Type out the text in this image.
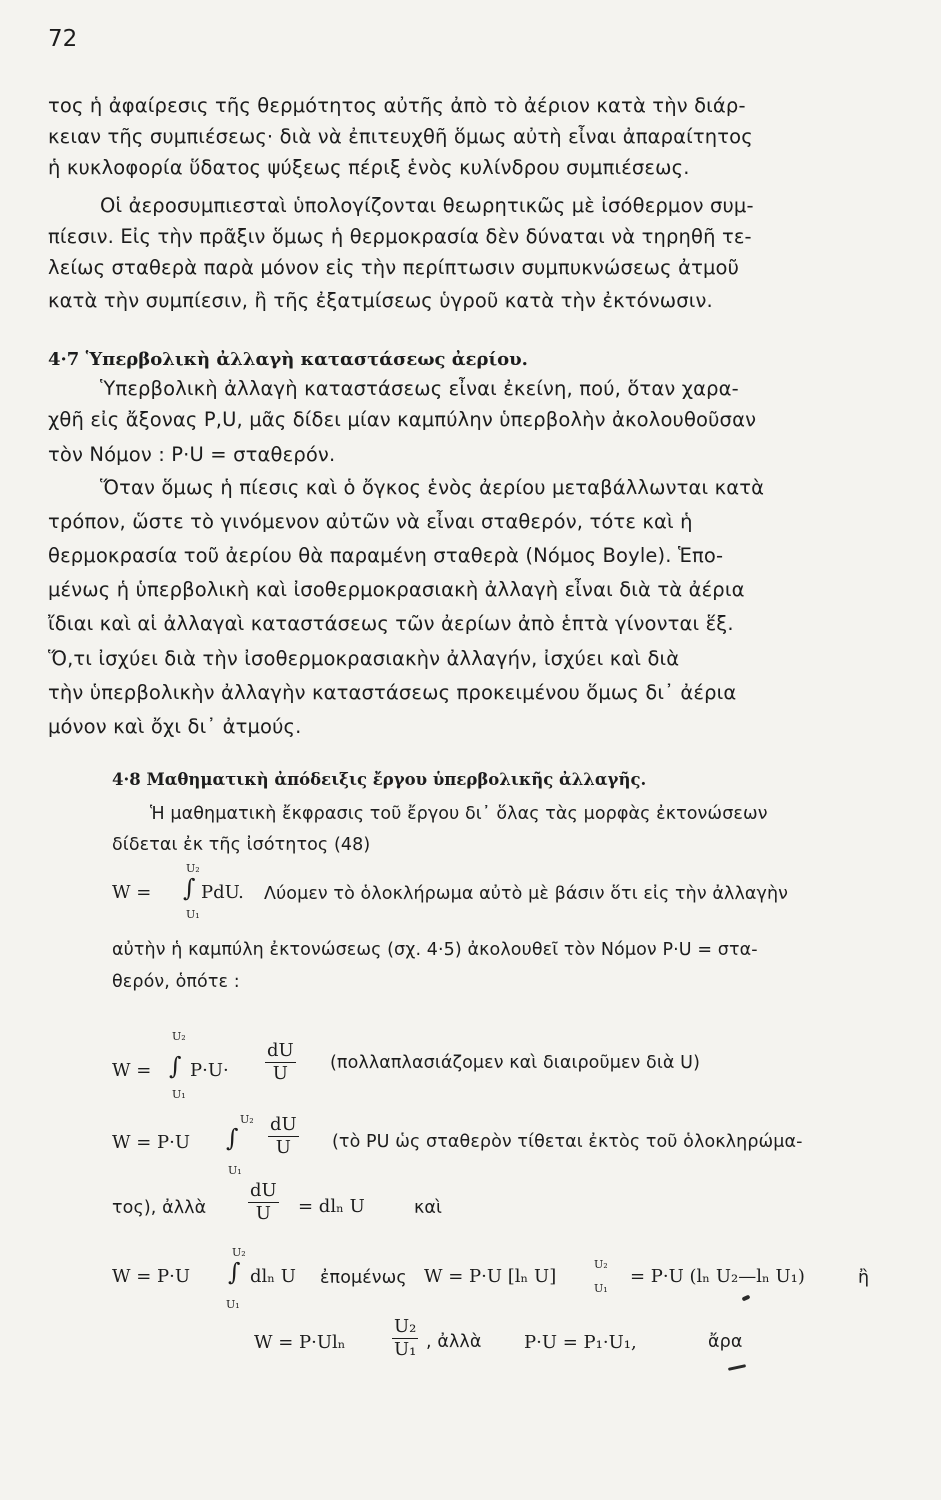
72
τος ἡ ἀφαίρεσις τῆς θερμότητος αὐτῆς ἀπὸ τὸ ἀέριον κατὰ τὴν διάρ-
κειαν τῆς συμπιέσεως· διὰ νὰ ἐπιτευχθῆ ὅμως αὐτὴ εἶναι ἀπαραίτητος
ἡ κυκλοφορία ὕδατος ψύξεως πέριξ ἑνὸς κυλίνδρου συμπιέσεως.
Οἱ ἀεροσυμπιεσταὶ ὑπολογίζονται θεωρητικῶς μὲ ἰσόθερμον συμ-
πίεσιν. Εἰς τὴν πρᾶξιν ὅμως ἡ θερμοκρασία δὲν δύναται νὰ τηρηθῆ τε-
λείως σταθερὰ παρὰ μόνον εἰς τὴν περίπτωσιν συμπυκνώσεως ἀτμοῦ
κατὰ τὴν συμπίεσιν, ἢ τῆς ἐξατμίσεως ὑγροῦ κατὰ τὴν ἐκτόνωσιν.
4·7 Ὑπερβολικὴ ἀλλαγὴ καταστάσεως ἀερίου.
Ὑπερβολικὴ ἀλλαγὴ καταστάσεως εἶναι ἐκείνη, πού, ὅταν χαρα-
χθῆ εἰς ἄξονας P,U, μᾶς δίδει μίαν καμπύλην ὑπερβολὴν ἀκολουθοῦσαν
τὸν Νόμον : P·U = σταθερόν.
Ὅταν ὅμως ἡ πίεσις καὶ ὁ ὄγκος ἑνὸς ἀερίου μεταβάλλωνται κατὰ
τρόπον, ὥστε τὸ γινόμενον αὐτῶν νὰ εἶναι σταθερόν, τότε καὶ ἡ
θερμοκρασία τοῦ ἀερίου θὰ παραμένη σταθερὰ (Νόμος Boyle). Ἑπο-
μένως ἡ ὑπερβολικὴ καὶ ἰσοθερμοκρασιακὴ ἀλλαγὴ εἶναι διὰ τὰ ἀέρια
ἴδιαι καὶ αἱ ἀλλαγαὶ καταστάσεως τῶν ἀερίων ἀπὸ ἑπτὰ γίνονται ἕξ.
Ὅ,τι ἰσχύει διὰ τὴν ἰσοθερμοκρασιακὴν ἀλλαγήν, ἰσχύει καὶ διὰ
τὴν ὑπερβολικὴν ἀλλαγὴν καταστάσεως προκειμένου ὅμως δι᾽ ἀέρια
μόνον καὶ ὄχι δι᾽ ἀτμούς.
4·8 Μαθηματικὴ ἀπόδειξις ἔργου ὑπερβολικῆς ἀλλαγῆς.
Ἡ μαθηματικὴ ἔκφρασις τοῦ ἔργου δι᾽ ὅλας τὰς μορφὰς ἐκτονώσεων
δίδεται ἐκ τῆς ἰσότητος (48)
U₂
W = ∫ PdU. Λύομεν τὸ ὁλοκλήρωμα αὐτὸ μὲ βάσιν ὅτι εἰς τὴν ἀλλαγὴν
U₁
αὐτὴν ἡ καμπύλη ἐκτονώσεως (σχ. 4·5) ἀκολουθεῖ τὸν Νόμον P·U = στα-
θερόν, ὁπότε :
U₂
W = ∫ $P\cdot U\cdot \frac{dU}{U} (\pi o\lambda\lambda\alpha\pi\lambda\alpha\sigma\iota ά\zeta o\mu\varepsilon\nu$ καὶ διαιροῦμεν διὰ U)
U₁
U₂
W = P·U ∫ $\frac{dU}{U}$ (τὸ PU ὡς σταθερὸν τίθεται ἐκτὸς τοῦ ὁλοκληρώμα-
U₁
τος), ἀλλὰ $\frac{dU}{U} = dl_n$ U	καὶ
U₂
W = P·U ∫ dlₙ U ἐπομένως W = P·U [lₙ U]
U₂
U₁
= P·U (lₙ U₂—lₙ U₁)	ἢ
U₁
W = P·Ulₙ	$\frac{\text{U₂}}{\text{U₁}}$ , ἀλλὰ P·U = P₁·U₁,	ἄρα
